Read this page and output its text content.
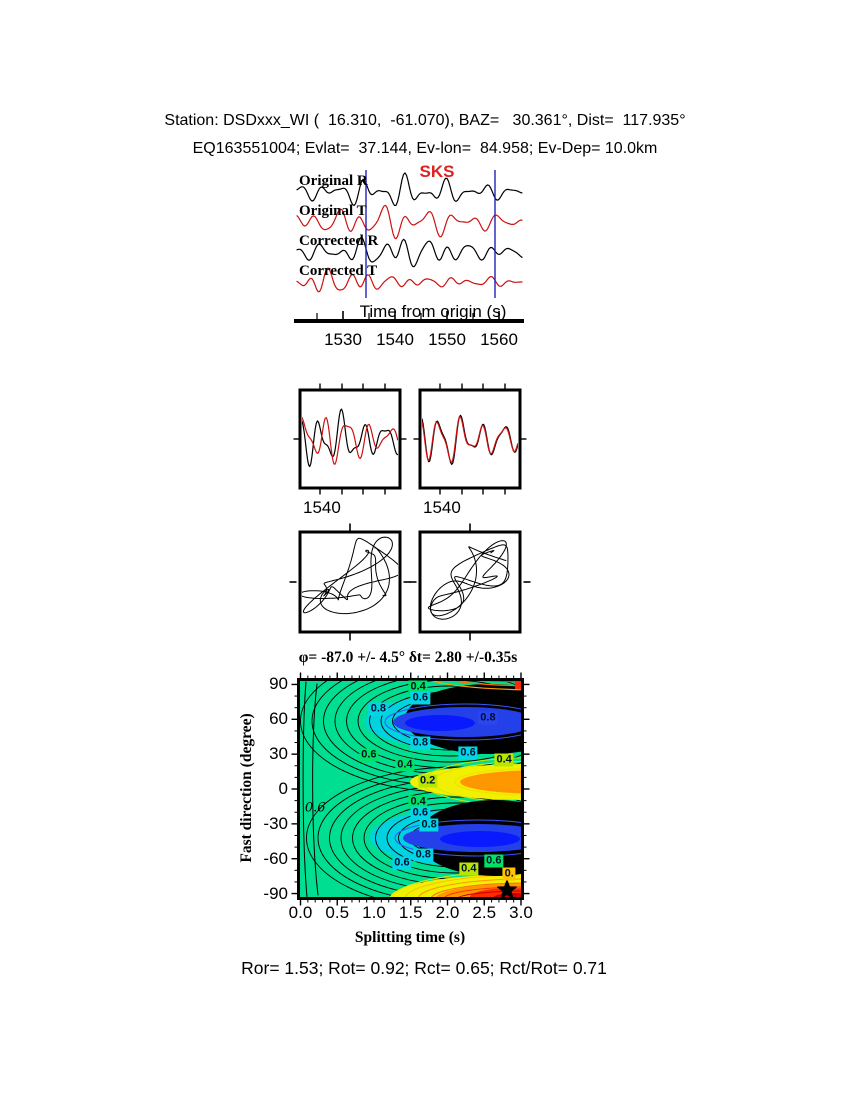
Station: DSDxxx_WI (  16.310,  -61.070), BAZ=   30.361°, Dist=  117.935°
EQ163551004; Evlat=  37.144, Ev-lon=  84.958; Ev-Dep= 10.0km
SKS
Original R
Original T
Corrected R
Corrected T
Time from origin (s)
1530 1540 1550 1560
1540	1540
φ= -87.0 +/- 4.5° δt= 2.80 +/-0.35s
Fast direction (degree)
Splitting time (s)
0.0 0.5 1.0 1.5 2.0 2.5 3.0
90
60
30
0
-30
-60
-90
0.4
0.6
0.8
0.8
0.8
0.6
0.6
0.4	0.4
0.2
0.6	0.4
0.6
0.8
0.8
0.6	0.6
0.4	0.
Ror= 1.53; Rot= 0.92; Rct= 0.65; Rct/Rot= 0.71
